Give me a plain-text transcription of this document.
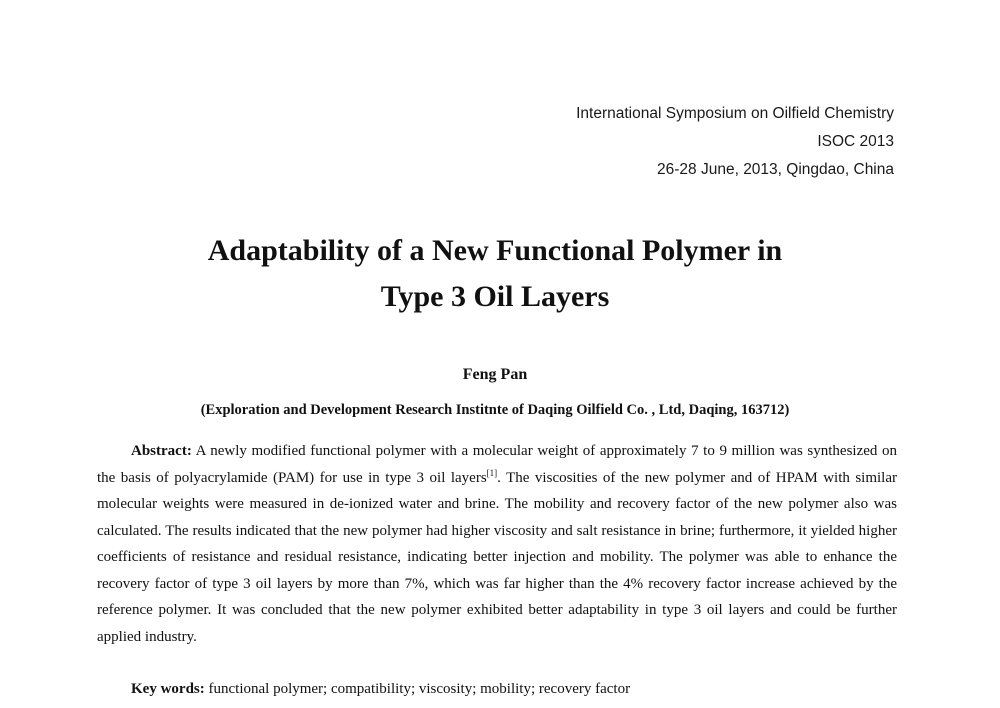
International Symposium on Oilfield Chemistry
ISOC 2013
26-28 June, 2013, Qingdao, China
Adaptability of a New Functional Polymer in
Type 3 Oil Layers
Feng Pan
(Exploration and Development Research Institnte of Daqing Oilfield Co. , Ltd, Daqing, 163712)
Abstract: A newly modified functional polymer with a molecular weight of approximately 7 to 9 million was synthesized on the basis of polyacrylamide (PAM) for use in type 3 oil layers[1]. The viscosities of the new polymer and of HPAM with similar molecular weights were measured in de-ionized water and brine. The mobility and recovery factor of the new polymer also was calculated. The results indicated that the new polymer had higher viscosity and salt resistance in brine; furthermore, it yielded higher coefficients of resistance and residual resistance, indicating better injection and mobility. The polymer was able to enhance the recovery factor of type 3 oil layers by more than 7%, which was far higher than the 4% recovery factor increase achieved by the reference polymer. It was concluded that the new polymer exhibited better adaptability in type 3 oil layers and could be further applied industry.
Key words: functional polymer; compatibility; viscosity; mobility; recovery factor
